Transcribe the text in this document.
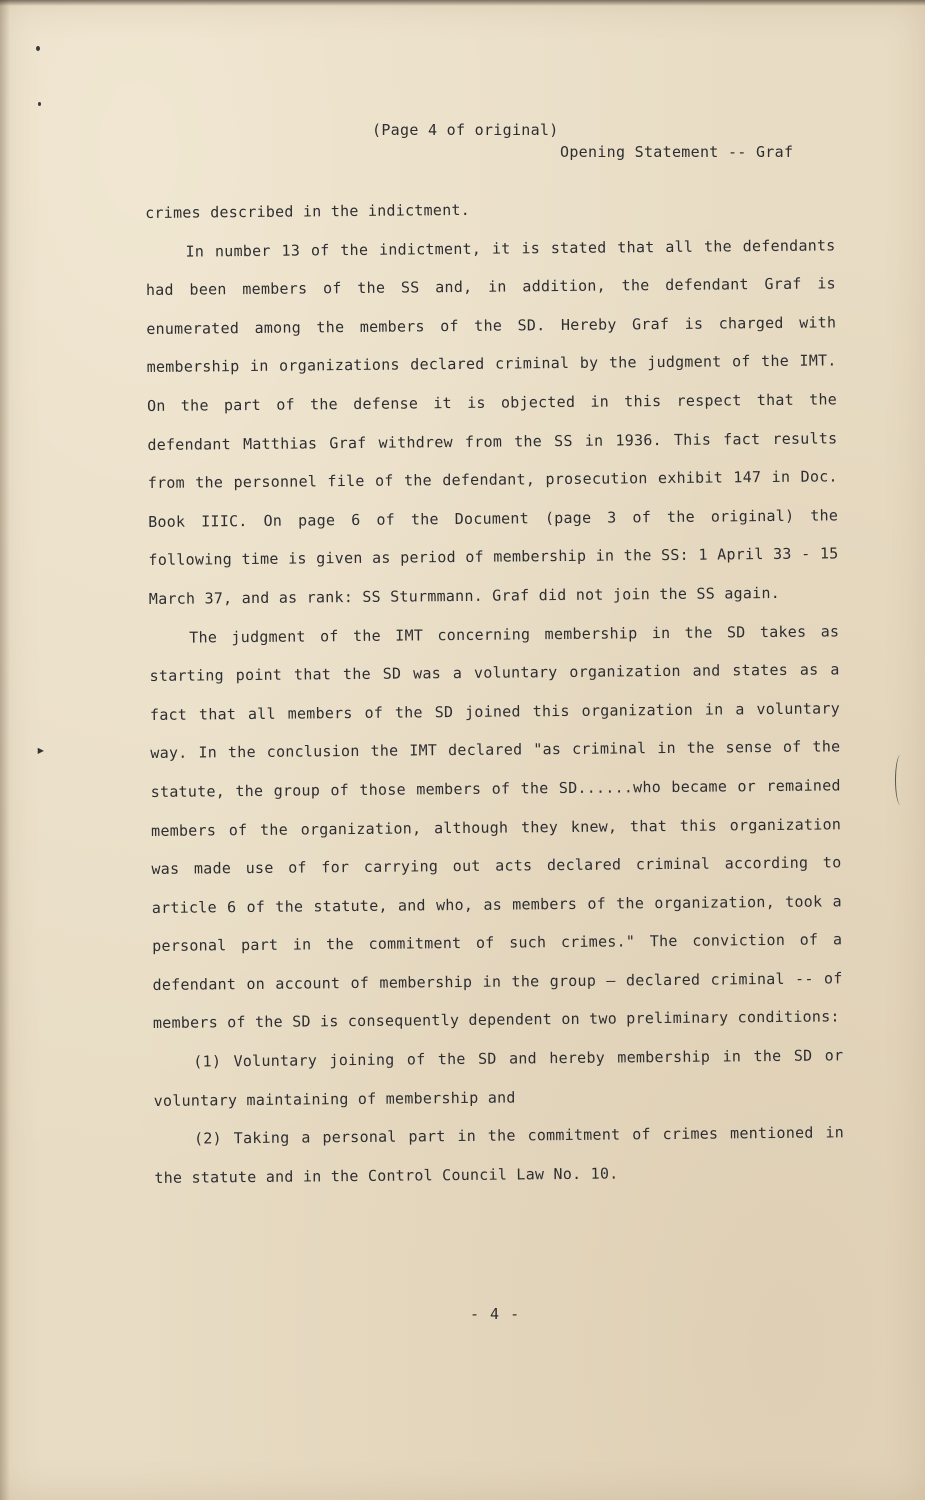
▸
(Page 4 of original)
Opening Statement -- Graf

crimes described in the indictment.

In number 13 of the indictment, it is stated that all the defendants had been members of the SS and, in addition, the defendant Graf is enumerated among the members of the SD. Hereby Graf is charged with membership in organizations declared criminal by the judgment of the IMT. On the part of the defense it is objected in this respect that the defendant Matthias Graf withdrew from the SS in 1936. This fact results from the personnel file of the defendant, prosecution exhibit 147 in Doc. Book IIIC. On page 6 of the Document (page 3 of the original) the following time is given as period of membership in the SS: 1 April 33 - 15 March 37, and as rank: SS Sturmmann. Graf did not join the SS again.

The judgment of the IMT concerning membership in the SD takes as starting point that the SD was a voluntary organization and states as a fact that all members of the SD joined this organization in a voluntary way. In the conclusion the IMT declared "as criminal in the sense of the statute, the group of those members of the SD......who became or remained members of the organization, although they knew, that this organization was made use of for carrying out acts declared criminal according to article 6 of the statute, and who, as members of the organization, took a personal part in the commitment of such crimes." The conviction of a defendant on account of membership in the group — declared criminal -- of members of the SD is consequently dependent on two preliminary conditions:

(1) Voluntary joining of the SD and hereby membership in the SD or voluntary maintaining of membership and

(2) Taking a personal part in the commitment of crimes mentioned in the statute and in the Control Council Law No. 10.

- 4 -
